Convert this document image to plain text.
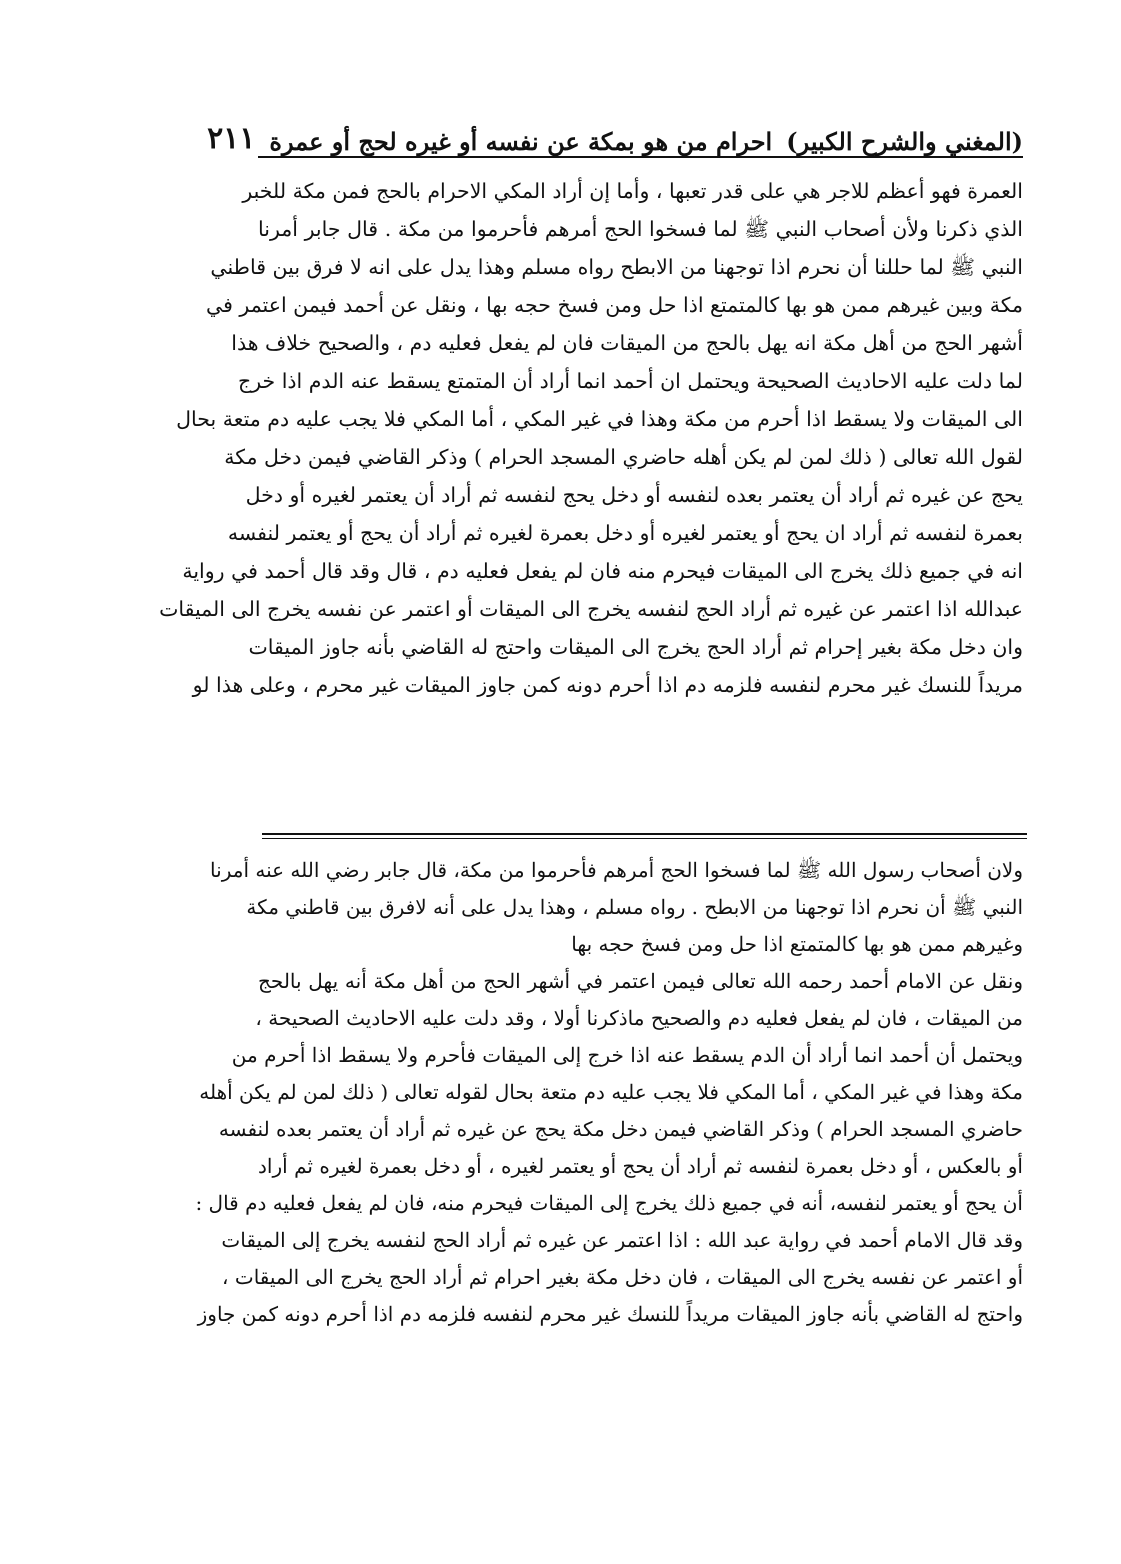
(المغني والشرح الكبير)
احرام من هو بمكة عن نفسه أو غيره لحج أو عمرة
٢١١
العمرة فهو أعظم للاجر هي على قدر تعبها ، وأما إن أراد المكي الاحرام بالحج فمن مكة للخبر
الذي ذكرنا ولأن أصحاب النبي ﷺ لما فسخوا الحج أمرهم فأحرموا من مكة . قال جابر أمرنا
النبي ﷺ لما حللنا أن نحرم اذا توجهنا من الابطح رواه مسلم وهذا يدل على انه لا فرق بين قاطني
مكة وبين غيرهم ممن هو بها كالمتمتع اذا حل ومن فسخ حجه بها ، ونقل عن أحمد فيمن اعتمر في
أشهر الحج من أهل مكة انه يهل بالحج من الميقات فان لم يفعل فعليه دم ، والصحيح خلاف هذا
لما دلت عليه الاحاديث الصحيحة ويحتمل ان أحمد انما أراد أن المتمتع يسقط عنه الدم اذا خرج
الى الميقات ولا يسقط اذا أحرم من مكة وهذا في غير المكي ، أما المكي فلا يجب عليه دم متعة بحال
لقول الله تعالى ( ذلك لمن لم يكن أهله حاضري المسجد الحرام ) وذكر القاضي فيمن دخل مكة
يحج عن غيره ثم أراد أن يعتمر بعده لنفسه أو دخل يحج لنفسه ثم أراد أن يعتمر لغيره أو دخل
بعمرة لنفسه ثم أراد ان يحج أو يعتمر لغيره أو دخل بعمرة لغيره ثم أراد أن يحج أو يعتمر لنفسه
انه في جميع ذلك يخرج الى الميقات فيحرم منه فان لم يفعل فعليه دم ، قال وقد قال أحمد في رواية
عبدالله اذا اعتمر عن غيره ثم أراد الحج لنفسه يخرج الى الميقات أو اعتمر عن نفسه يخرج الى الميقات
وان دخل مكة بغير إحرام ثم أراد الحج يخرج الى الميقات واحتج له القاضي بأنه جاوز الميقات
مريداً للنسك غير محرم لنفسه فلزمه دم اذا أحرم دونه كمن جاوز الميقات غير محرم ، وعلى هذا لو
ولان أصحاب رسول الله ﷺ لما فسخوا الحج أمرهم فأحرموا من مكة، قال جابر رضي الله عنه أمرنا
النبي ﷺ أن نحرم اذا توجهنا من الابطح . رواه مسلم ، وهذا يدل على أنه لافرق بين قاطني مكة
وغيرهم ممن هو بها كالمتمتع اذا حل ومن فسخ حجه بها
ونقل عن الامام أحمد رحمه الله تعالى فيمن اعتمر في أشهر الحج من أهل مكة أنه يهل بالحج
من الميقات ، فان لم يفعل فعليه دم والصحيح ماذكرنا أولا ، وقد دلت عليه الاحاديث الصحيحة ،
ويحتمل أن أحمد انما أراد أن الدم يسقط عنه اذا خرج إلى الميقات فأحرم ولا يسقط اذا أحرم من
مكة وهذا في غير المكي ، أما المكي فلا يجب عليه دم متعة بحال لقوله تعالى ( ذلك لمن لم يكن أهله
حاضري المسجد الحرام ) وذكر القاضي فيمن دخل مكة يحج عن غيره ثم أراد أن يعتمر بعده لنفسه
أو بالعكس ، أو دخل بعمرة لنفسه ثم أراد أن يحج أو يعتمر لغيره ، أو دخل بعمرة لغيره ثم أراد
أن يحج أو يعتمر لنفسه، أنه في جميع ذلك يخرج إلى الميقات فيحرم منه، فان لم يفعل فعليه دم قال :
وقد قال الامام أحمد في رواية عبد الله : اذا اعتمر عن غيره ثم أراد الحج لنفسه يخرج إلى الميقات
أو اعتمر عن نفسه يخرج الى الميقات ، فان دخل مكة بغير احرام ثم أراد الحج يخرج الى الميقات ،
واحتج له القاضي بأنه جاوز الميقات مريداً للنسك غير محرم لنفسه فلزمه دم اذا أحرم دونه كمن جاوز
